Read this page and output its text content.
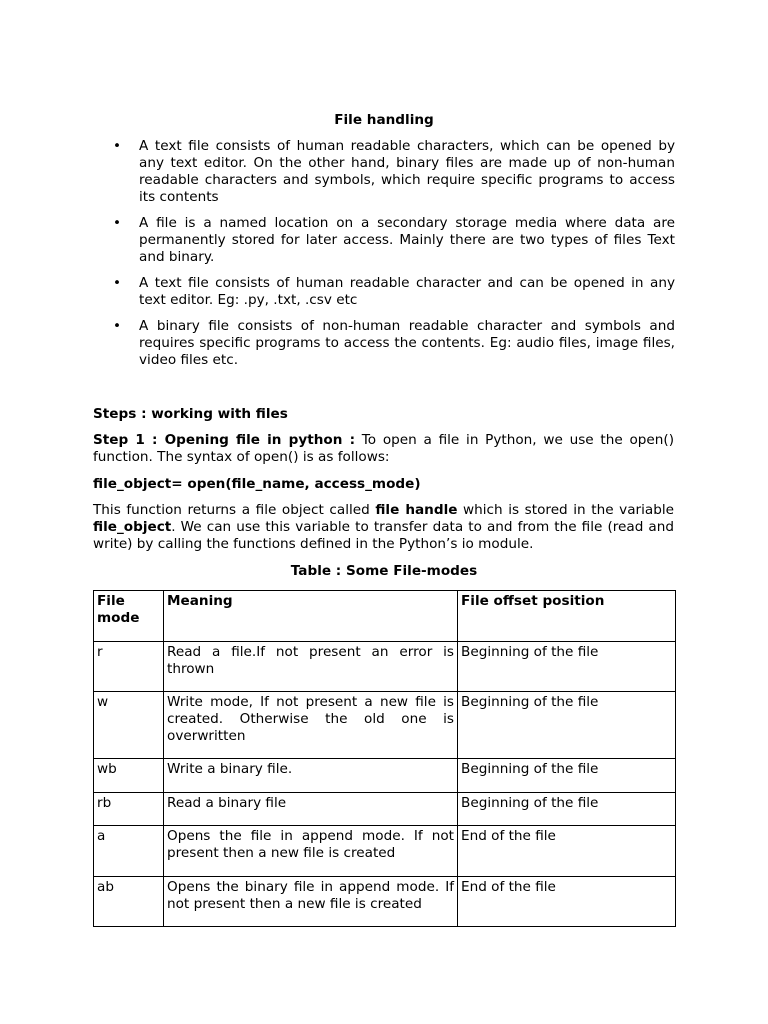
File handling
• A text file consists of human readable characters, which can be opened by any text editor. On the other hand, binary files are made up of non-human readable characters and symbols, which require specific programs to access its contents
• A file is a named location on a secondary storage media where data are permanently stored for later access. Mainly there are two types of files Text and binary.
• A text file consists of human readable character and can be opened in any text editor. Eg: .py, .txt, .csv etc
• A binary file consists of non-human readable character and symbols and requires specific programs to access the contents. Eg: audio files, image files, video files etc.
Steps : working with files
Step 1 : Opening file in python : To open a file in Python, we use the open() function. The syntax of open() is as follows:
file_object= open(file_name, access_mode)
This function returns a file object called file handle which is stored in the variable file_object. We can use this variable to transfer data to and from the file (read and write) by calling the functions defined in the Python’s io module.
Table : Some File-modes
File mode	Meaning	File offset position
r	Read a file.If not present an error is thrown	Beginning of the file
w	Write mode, If not present a new file is created. Otherwise the old one is overwritten	Beginning of the file
wb	Write a binary file.	Beginning of the file
rb	Read a binary file	Beginning of the file
a	Opens the file in append mode. If not present then a new file is created	End of the file
ab	Opens the binary file in append mode. If not present then a new file is created	End of the file
